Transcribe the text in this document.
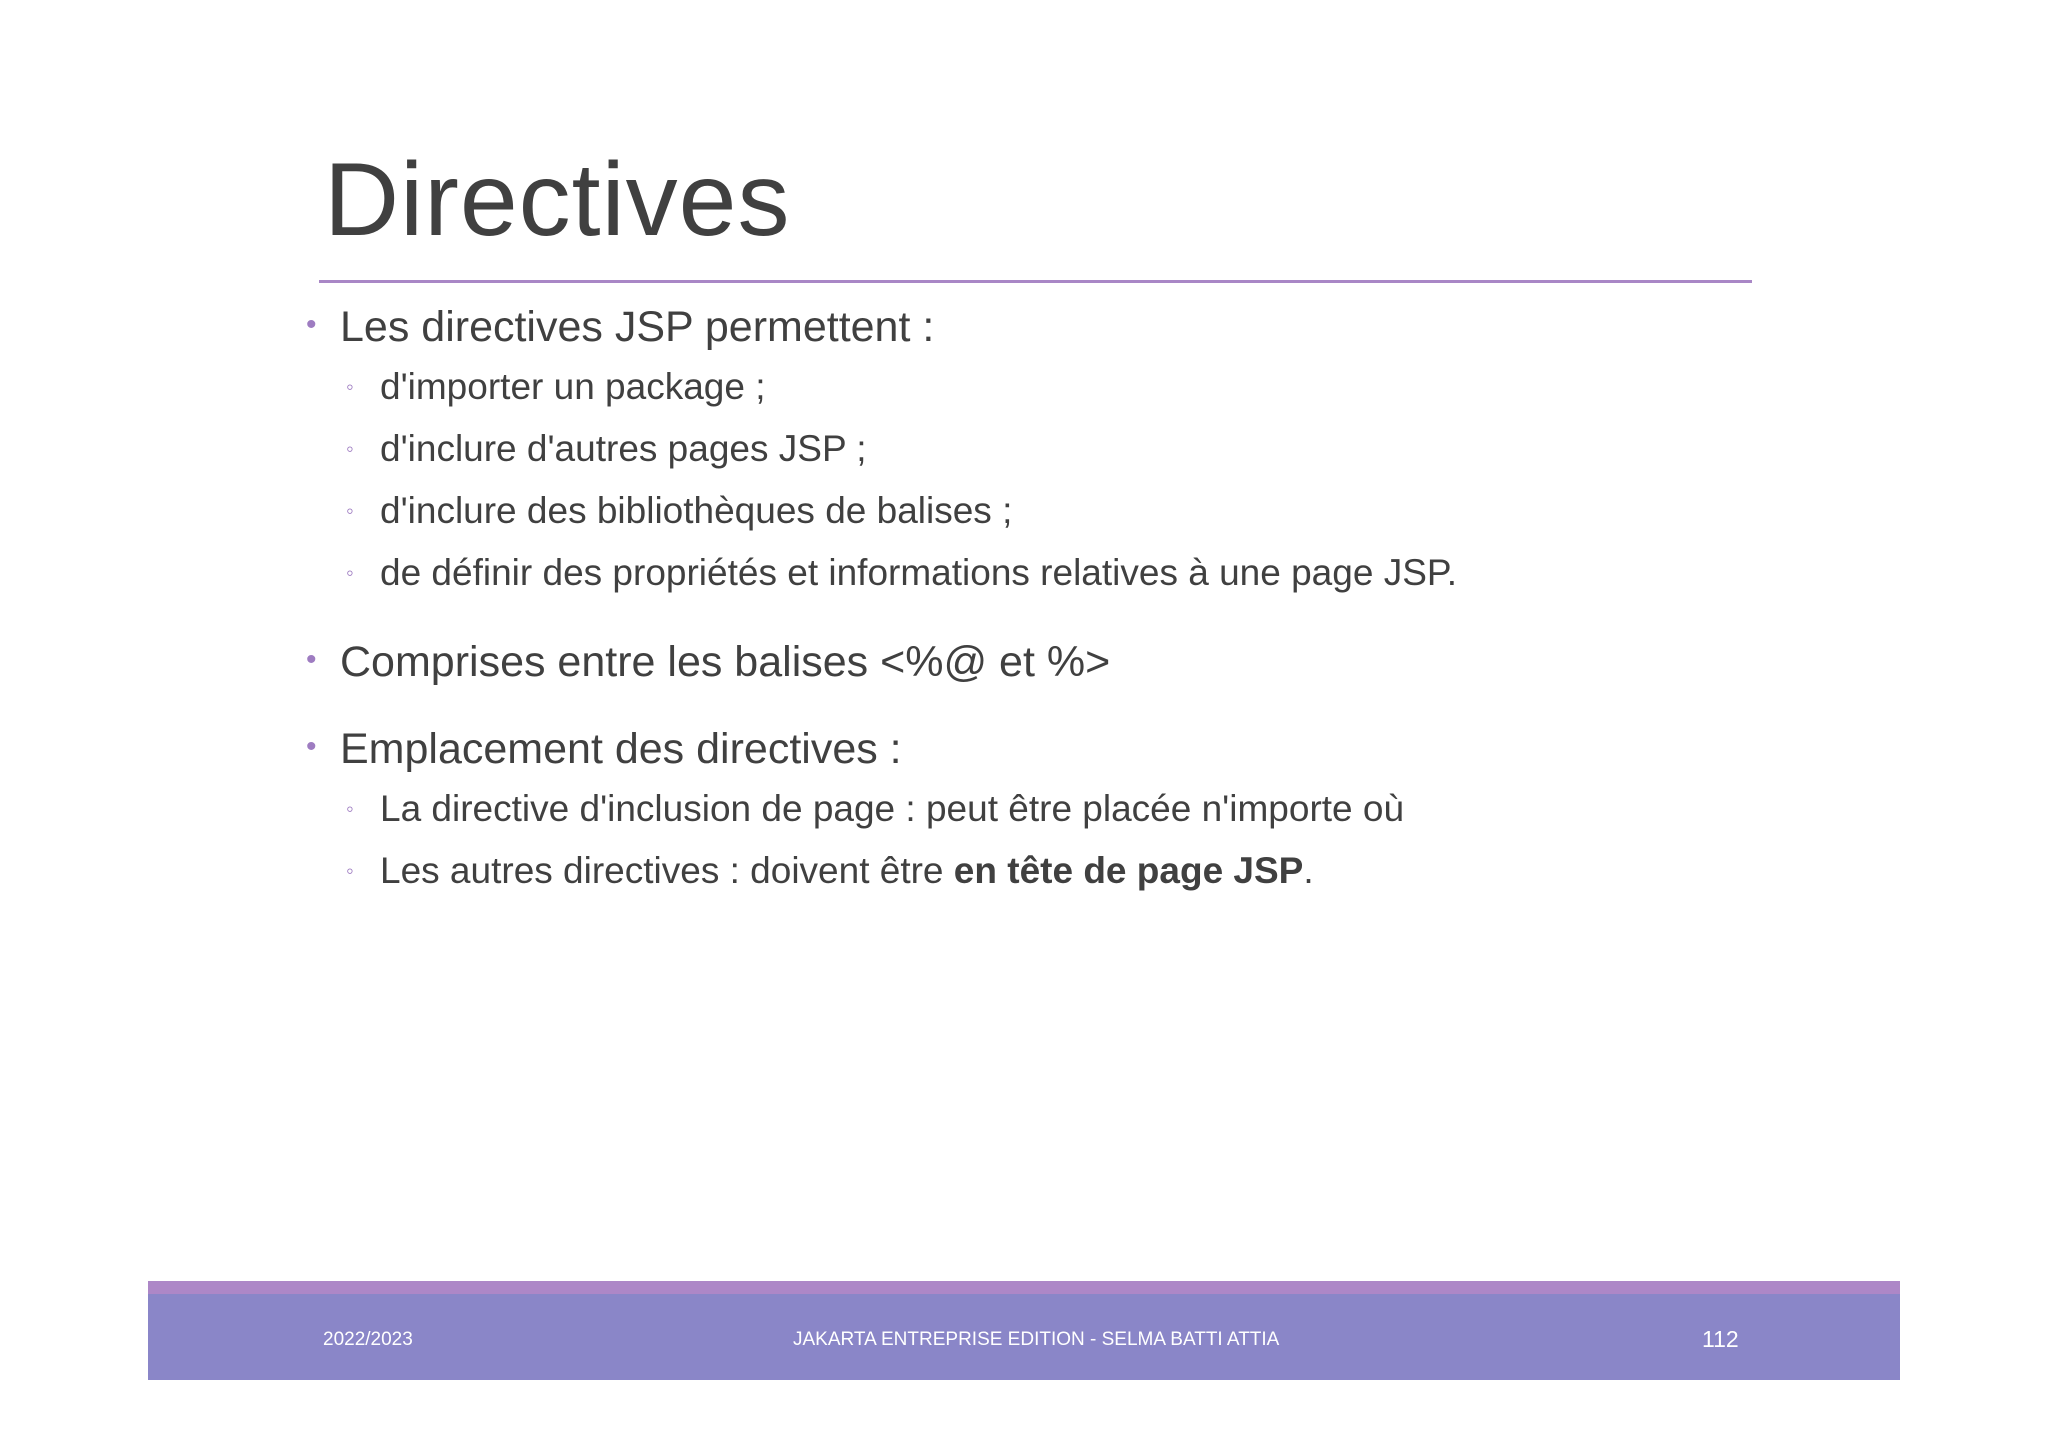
Directives
• Les directives JSP permettent :
◦ d'importer un package ;
◦ d'inclure d'autres pages JSP ;
◦ d'inclure des bibliothèques de balises ;
◦ de définir des propriétés et informations relatives à une page JSP.
• Comprises entre les balises <%@ et %>
• Emplacement des directives :
◦ La directive d'inclusion de page : peut être placée n'importe où
◦ Les autres directives : doivent être en tête de page JSP.
2022/2023	JAKARTA ENTREPRISE EDITION - SELMA BATTI ATTIA	112
